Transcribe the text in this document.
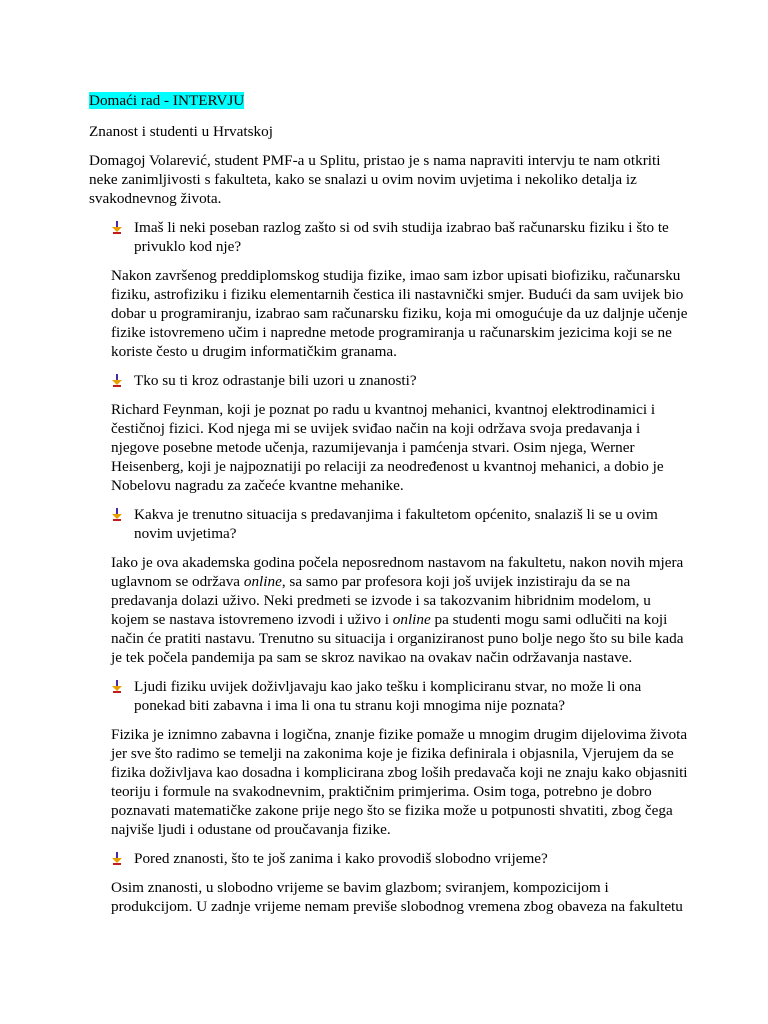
Domaći rad - INTERVJU

Znanost i studenti u Hrvatskoj

Domagoj Volarević, student PMF-a u Splitu, pristao je s nama napraviti intervju te nam otkriti neke zanimljivosti s fakulteta, kako se snalazi u ovim novim uvjetima i nekoliko detalja iz svakodnevnog života.

Imaš li neki poseban razlog zašto si od svih studija izabrao baš računarsku fiziku i što te privuklo kod nje?

Nakon završenog preddiplomskog studija fizike, imao sam izbor upisati biofiziku, računarsku fiziku, astrofiziku i fiziku elementarnih čestica ili nastavnički smjer. Budući da sam uvijek bio dobar u programiranju, izabrao sam računarsku fiziku, koja mi omogućuje da uz daljnje učenje fizike istovremeno učim i napredne metode programiranja u računarskim jezicima koji se ne koriste često u drugim informatičkim granama.

Tko su ti kroz odrastanje bili uzori u znanosti?

Richard Feynman, koji je poznat po radu u kvantnoj mehanici, kvantnoj elektrodinamici i čestičnoj fizici. Kod njega mi se uvijek sviđao način na koji održava svoja predavanja i njegove posebne metode učenja, razumijevanja i pamćenja stvari. Osim njega, Werner Heisenberg, koji je najpoznatiji po relaciji za neodređenost u kvantnoj mehanici, a dobio je Nobelovu nagradu za začeće kvantne mehanike.

Kakva je trenutno situacija s predavanjima i fakultetom općenito, snalaziš li se u ovim novim uvjetima?

Iako je ova akademska godina počela neposrednom nastavom na fakultetu, nakon novih mjera uglavnom se održava online, sa samo par profesora koji još uvijek inzistiraju da se na predavanja dolazi uživo. Neki predmeti se izvode i sa takozvanim hibridnim modelom, u kojem se nastava istovremeno izvodi i uživo i online pa studenti mogu sami odlučiti na koji način će pratiti nastavu. Trenutno su situacija i organiziranost puno bolje nego što su bile kada je tek počela pandemija pa sam se skroz navikao na ovakav način održavanja nastave.

Ljudi fiziku uvijek doživljavaju kao jako tešku i kompliciranu stvar, no može li ona ponekad biti zabavna i ima li ona tu stranu koji mnogima nije poznata?

Fizika je iznimno zabavna i logična, znanje fizike pomaže u mnogim drugim dijelovima života jer sve što radimo se temelji na zakonima koje je fizika definirala i objasnila, Vjerujem da se fizika doživljava kao dosadna i komplicirana zbog loših predavača koji ne znaju kako objasniti teoriju i formule na svakodnevnim, praktičnim primjerima. Osim toga, potrebno je dobro poznavati matematičke zakone prije nego što se fizika može u potpunosti shvatiti, zbog čega najviše ljudi i odustane od proučavanja fizike.

Pored znanosti, što te još zanima i kako provodiš slobodno vrijeme?

Osim znanosti, u slobodno vrijeme se bavim glazbom; sviranjem, kompozicijom i produkcijom. U zadnje vrijeme nemam previše slobodnog vremena zbog obaveza na fakultetu
